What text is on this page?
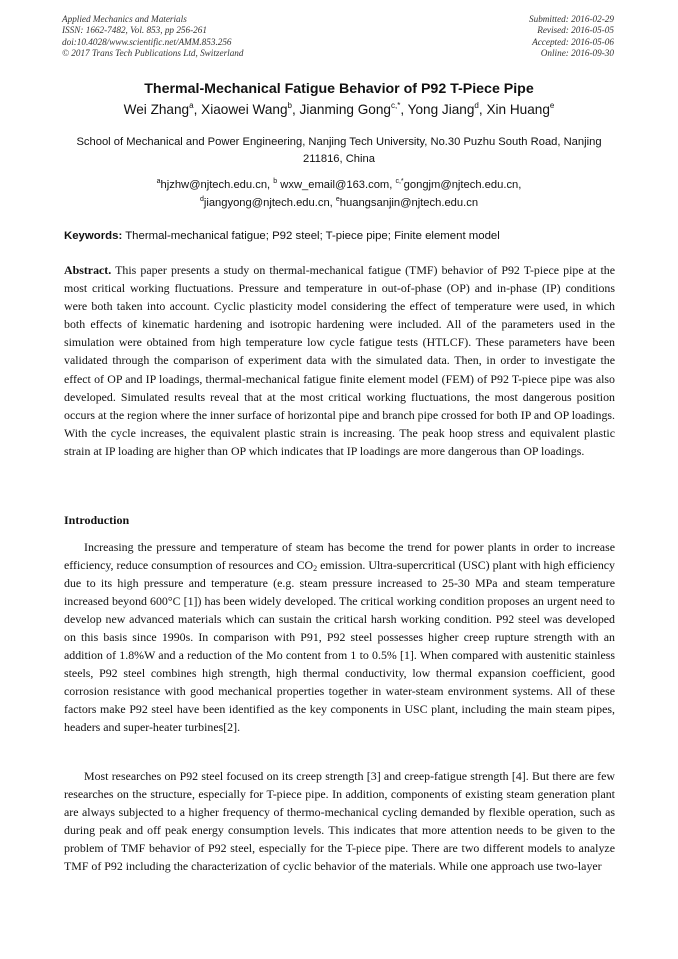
Applied Mechanics and Materials
ISSN: 1662-7482, Vol. 853, pp 256-261
doi:10.4028/www.scientific.net/AMM.853.256
© 2017 Trans Tech Publications Ltd, Switzerland
Submitted: 2016-02-29
Revised: 2016-05-05
Accepted: 2016-05-06
Online: 2016-09-30
Thermal-Mechanical Fatigue Behavior of P92 T-Piece Pipe
Wei Zhang$^a$, Xiaowei Wang$^b$, Jianming Gong$^{c,*}$, Yong Jiang$^d$, Xin Huang$^e$
School of Mechanical and Power Engineering, Nanjing Tech University, No.30 Puzhu South Road, Nanjing 211816, China
$^a$hjzhw@njtech.edu.cn, $^b$ wxw_email@163.com, $^{c,*}$gongjm@njtech.edu.cn,
$^d$jiangyong@njtech.edu.cn, $^e$huangsanjin@njtech.edu.cn
Keywords: Thermal-mechanical fatigue; P92 steel; T-piece pipe; Finite element model

Abstract. This paper presents a study on thermal-mechanical fatigue (TMF) behavior of P92 T-piece pipe at the most critical working fluctuations. Pressure and temperature in out-of-phase (OP) and in-phase (IP) conditions were both taken into account. Cyclic plasticity model considering the effect of temperature were used, in which both effects of kinematic hardening and isotropic hardening were included. All of the parameters used in the simulation were obtained from high temperature low cycle fatigue tests (HTLCF). These parameters have been validated through the comparison of experiment data with the simulated data. Then, in order to investigate the effect of OP and IP loadings, thermal-mechanical fatigue finite element model (FEM) of P92 T-piece pipe was also developed. Simulated results reveal that at the most critical working fluctuations, the most dangerous position occurs at the region where the inner surface of horizontal pipe and branch pipe crossed for both IP and OP loadings. With the cycle increases, the equivalent plastic strain is increasing. The peak hoop stress and equivalent plastic strain at IP loading are higher than OP which indicates that IP loadings are more dangerous than OP loadings.

Introduction

Increasing the pressure and temperature of steam has become the trend for power plants in order to increase efficiency, reduce consumption of resources and $CO_2$ emission. Ultra-supercritical (USC) plant with high efficiency due to its high pressure and temperature (e.g. steam pressure increased to 25-30 MPa and steam temperature increased beyond 600°C [1]) has been widely developed. The critical working condition proposes an urgent need to develop new advanced materials which can sustain the critical harsh working condition. P92 steel was developed on this basis since 1990s. In comparison with P91, P92 steel possesses higher creep rupture strength with an addition of 1.8%W and a reduction of the Mo content from 1 to 0.5% [1]. When compared with austenitic stainless steels, P92 steel combines high strength, high thermal conductivity, low thermal expansion coefficient, good corrosion resistance with good mechanical properties together in water-steam environment systems. All of these factors make P92 steel have been identified as the key components in USC plant, including the main steam pipes, headers and super-heater turbines[2].

Most researches on P92 steel focused on its creep strength [3] and creep-fatigue strength [4]. But there are few researches on the structure, especially for T-piece pipe. In addition, components of existing steam generation plant are always subjected to a higher frequency of thermo-mechanical cycling demanded by flexible operation, such as during peak and off peak energy consumption levels. This indicates that more attention needs to be given to the problem of TMF behavior of P92 steel, especially for the T-piece pipe. There are two different models to analyze TMF of P92 including the characterization of cyclic behavior of the materials. While one approach use two-layer
